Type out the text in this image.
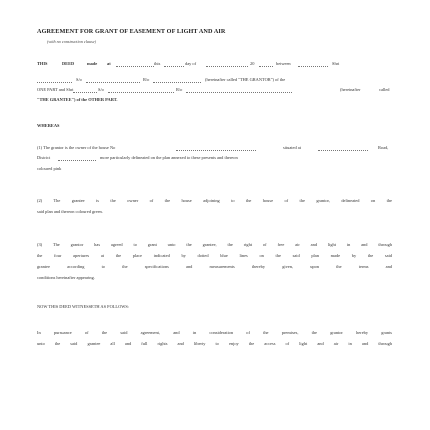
AGREEMENT FOR GRANT OF EASEMENT OF LIGHT AND AIR
(with no construction clause)
THIS	DEED	made at	this	day of	20	between	Shri
S/o	R/o	(hereinafter called "THE GRANTOR") of the
ONE PART and Shri	S/o	R/o	(hereinafter	called
"THE GRANTEE") of the OTHER PART.
WHEREAS
(1) The grantor is the owner of the house No	situated at	Road,
District	more particularly delineated on the plan annexed to these presents and thereon
coloured pink
(2) The grantee is the owner of the house adjoining to the house of the grantor, delineated on the
said plan and thereon coloured green.
(3) The grantor has agreed to grant unto the grantee, the right of free air and light in and through
the four apertures at the place indicated by dotted blue lines on the said plan made by the said
grantee according to the specifications and measurements thereby given, upon the terms and
conditions hereinafter appearing.
NOW THIS DEED WITNESSETH AS FOLLOWS:
In pursuance of the said agreement, and in consideration of the premises, the grantor hereby grants
unto the said grantee all and full rights and liberty to enjoy the access of light and air in and through
